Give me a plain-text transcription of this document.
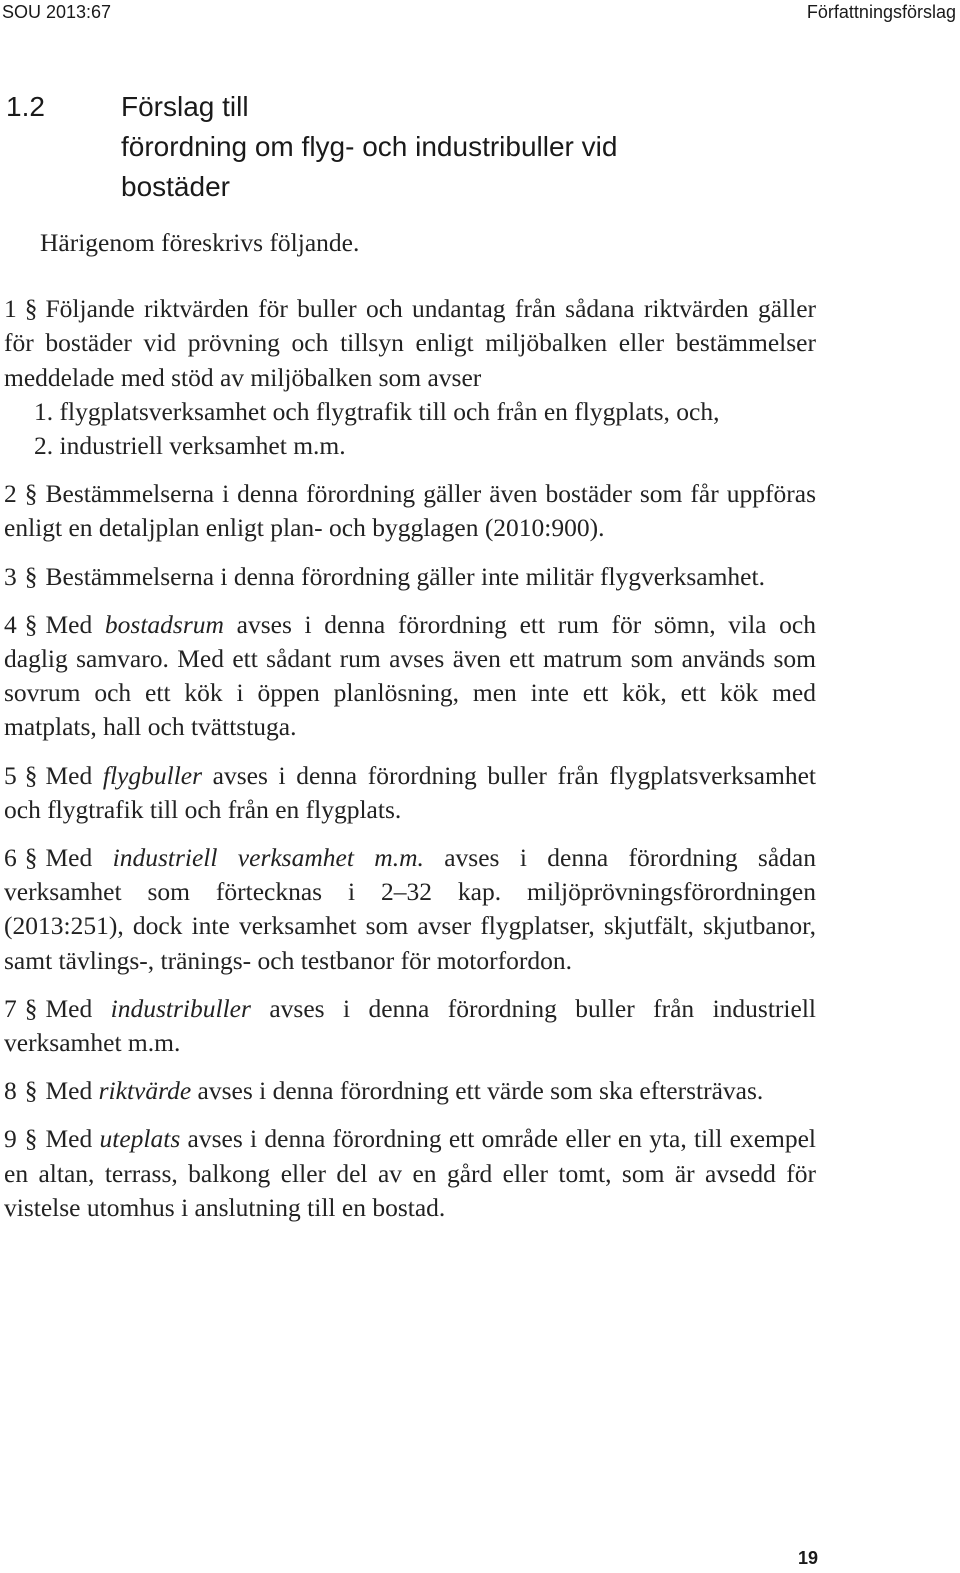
SOU 2013:67	Författningsförslag
1.2	Förslag till
förordning om flyg- och industribuller vid
bostäder

Härigenom föreskrivs följande.

1 § Följande riktvärden för buller och undantag från sådana riktvärden gäller för bostäder vid prövning och tillsyn enligt miljöbalken eller bestämmelser meddelade med stöd av miljöbalken som avser

1. flygplatsverksamhet och flygtrafik till och från en flygplats, och,

2. industriell verksamhet m.m.

2 § Bestämmelserna i denna förordning gäller även bostäder som får uppföras enligt en detaljplan enligt plan- och bygglagen (2010:900).

3 § Bestämmelserna i denna förordning gäller inte militär flygverksamhet.

4 § Med bostadsrum avses i denna förordning ett rum för sömn, vila och daglig samvaro. Med ett sådant rum avses även ett matrum som används som sovrum och ett kök i öppen planlösning, men inte ett kök, ett kök med matplats, hall och tvättstuga.

5 § Med flygbuller avses i denna förordning buller från flygplatsverksamhet och flygtrafik till och från en flygplats.

6 § Med industriell verksamhet m.m. avses i denna förordning sådan verksamhet som förtecknas i 2–32 kap. miljöprövningsförordningen (2013:251), dock inte verksamhet som avser flygplatser, skjutfält, skjutbanor, samt tävlings-, tränings- och testbanor för motorfordon.

7 § Med industribuller avses i denna förordning buller från industriell verksamhet m.m.

8 § Med riktvärde avses i denna förordning ett värde som ska eftersträvas.

9 § Med uteplats avses i denna förordning ett område eller en yta, till exempel en altan, terrass, balkong eller del av en gård eller tomt, som är avsedd för vistelse utomhus i anslutning till en bostad.

19
